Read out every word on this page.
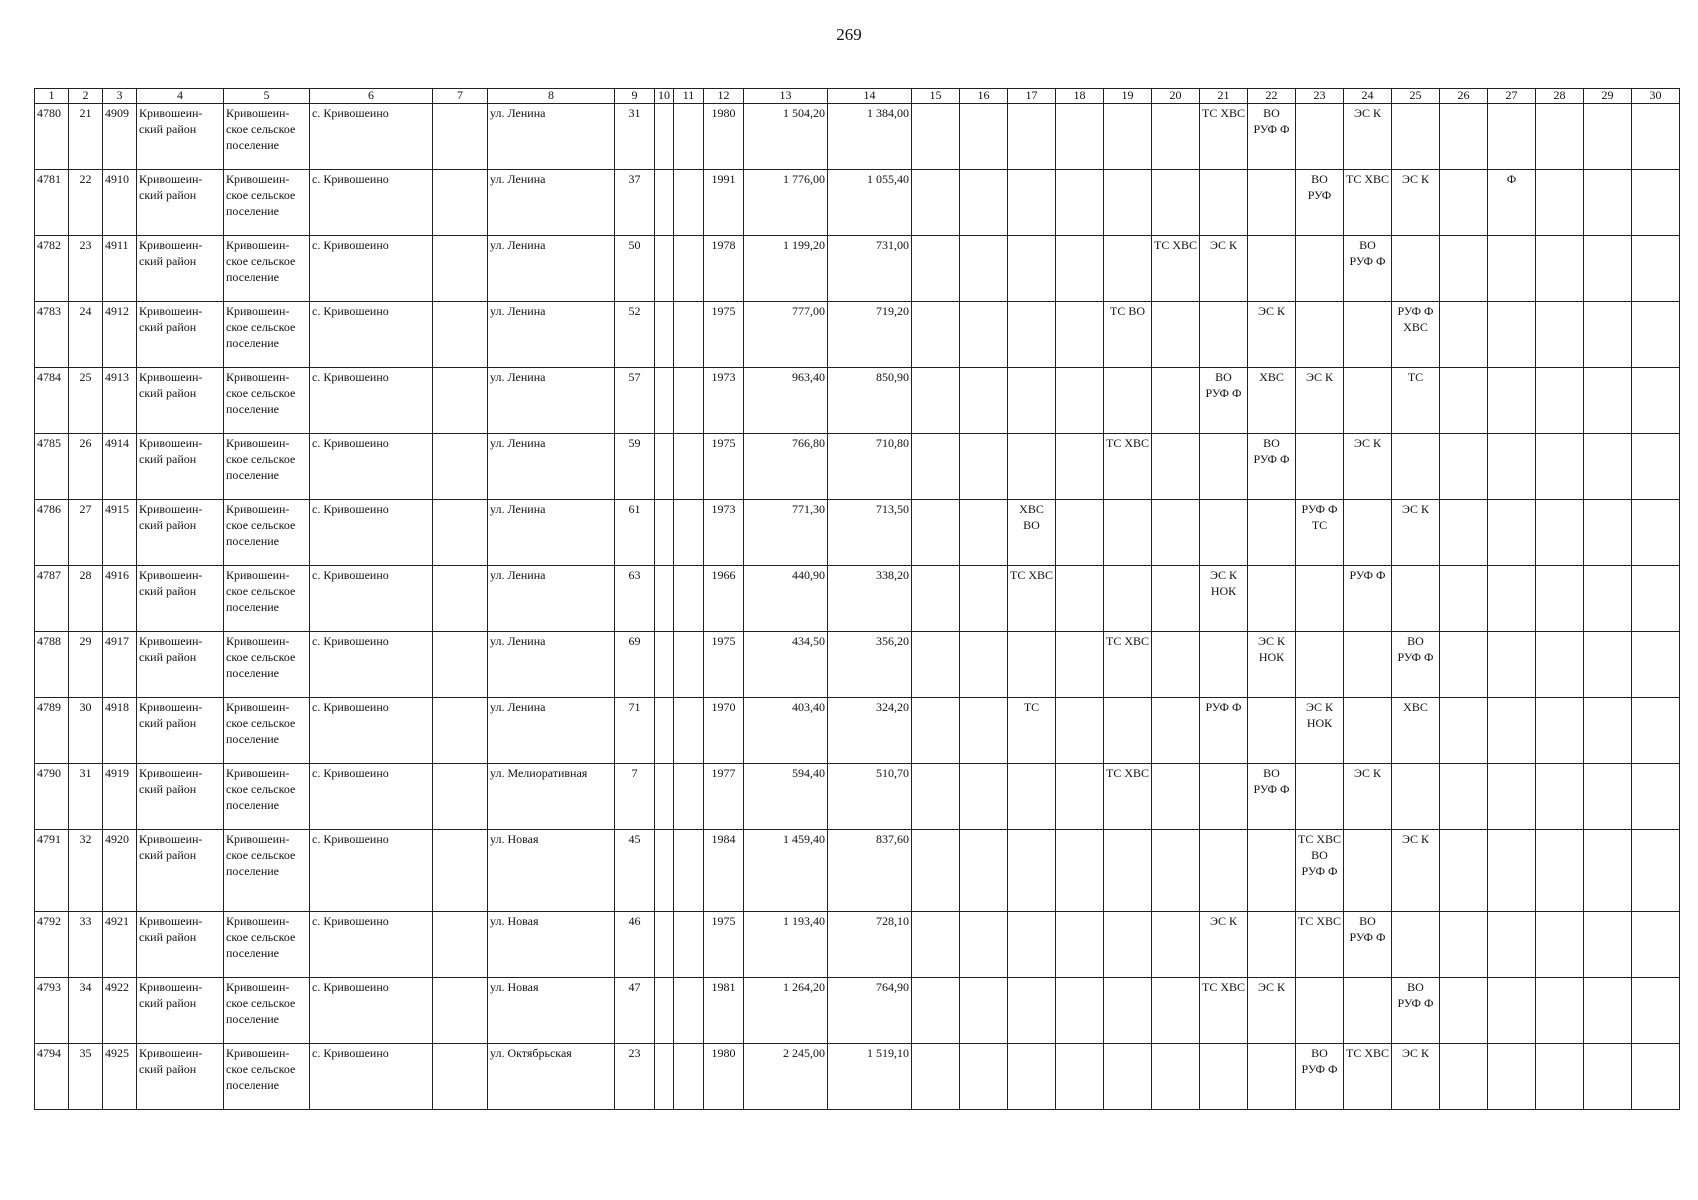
269
1	2	3	4	5	6	7	8	9	10	11	12	13	14	15	16	17	18	19	20	21	22	23	24	25	26	27	28	29	30
4780	21	4909	Кривошеин-ский район	Кривошеин-ское сельское поселение	с. Кривошеино		ул. Ленина	31			1980	1 504,20	1 384,00							ТС ХВС	ВО РУФ Ф		ЭС К						
4781	22	4910	Кривошеин-ский район	Кривошеин-ское сельское поселение	с. Кривошеино		ул. Ленина	37			1991	1 776,00	1 055,40									ВО РУФ	ТС ХВС	ЭС К		Ф			
4782	23	4911	Кривошеин-ский район	Кривошеин-ское сельское поселение	с. Кривошеино		ул. Ленина	50			1978	1 199,20	731,00						ТС ХВС	ЭС К			ВО РУФ Ф						
4783	24	4912	Кривошеин-ский район	Кривошеин-ское сельское поселение	с. Кривошеино		ул. Ленина	52			1975	777,00	719,20					ТС ВО			ЭС К			РУФ Ф ХВС					
4784	25	4913	Кривошеин-ский район	Кривошеин-ское сельское поселение	с. Кривошеино		ул. Ленина	57			1973	963,40	850,90							ВО РУФ Ф	ХВС	ЭС К		ТС					
4785	26	4914	Кривошеин-ский район	Кривошеин-ское сельское поселение	с. Кривошеино		ул. Ленина	59			1975	766,80	710,80					ТС ХВС			ВО РУФ Ф		ЭС К						
4786	27	4915	Кривошеин-ский район	Кривошеин-ское сельское поселение	с. Кривошеино		ул. Ленина	61			1973	771,30	713,50			ХВС ВО						РУФ Ф ТС		ЭС К					
4787	28	4916	Кривошеин-ский район	Кривошеин-ское сельское поселение	с. Кривошеино		ул. Ленина	63			1966	440,90	338,20			ТС ХВС				ЭС К НОК			РУФ Ф						
4788	29	4917	Кривошеин-ский район	Кривошеин-ское сельское поселение	с. Кривошеино		ул. Ленина	69			1975	434,50	356,20					ТС ХВС			ЭС К НОК			ВО РУФ Ф					
4789	30	4918	Кривошеин-ский район	Кривошеин-ское сельское поселение	с. Кривошеино		ул. Ленина	71			1970	403,40	324,20			ТС				РУФ Ф		ЭС К НОК		ХВС					
4790	31	4919	Кривошеин-ский район	Кривошеин-ское сельское поселение	с. Кривошеино		ул. Мелиоративная	7			1977	594,40	510,70					ТС ХВС			ВО РУФ Ф		ЭС К						
4791	32	4920	Кривошеин-ский район	Кривошеин-ское сельское поселение	с. Кривошеино		ул. Новая	45			1984	1 459,40	837,60									ТС ХВС ВО РУФ Ф		ЭС К					
4792	33	4921	Кривошеин-ский район	Кривошеин-ское сельское поселение	с. Кривошеино		ул. Новая	46			1975	1 193,40	728,10							ЭС К		ТС ХВС	ВО РУФ Ф						
4793	34	4922	Кривошеин-ский район	Кривошеин-ское сельское поселение	с. Кривошеино		ул. Новая	47			1981	1 264,20	764,90							ТС ХВС	ЭС К			ВО РУФ Ф					
4794	35	4925	Кривошеин-ский район	Кривошеин-ское сельское поселение	с. Кривошеино		ул. Октябрьская	23			1980	2 245,00	1 519,10									ВО РУФ Ф	ТС ХВС	ЭС К					
